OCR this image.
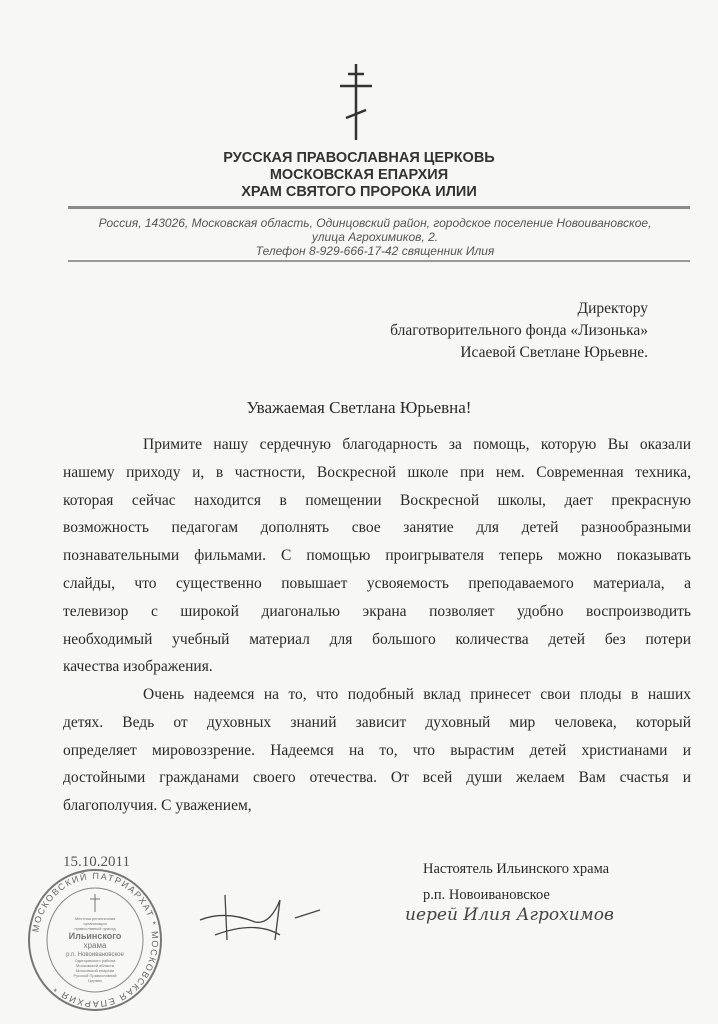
РУССКАЯ ПРАВОСЛАВНАЯ ЦЕРКОВЬ
МОСКОВСКАЯ ЕПАРХИЯ
ХРАМ СВЯТОГО ПРОРОКА ИЛИИ
Россия, 143026, Московская область, Одинцовский район, городское поселение Новоивановское,
улица Агрохимиков, 2.
Телефон 8-929-666-17-42 священник Илия
Директору
благотворительного фонда «Лизонька»
Исаевой Светлане Юрьевне.
Уважаемая Светлана Юрьевна!
Примите нашу сердечную благодарность за помощь, которую Вы оказали
нашему приходу и, в частности, Воскресной школе при нем. Современная техника,
которая сейчас находится в помещении Воскресной школы, дает прекрасную
возможность педагогам дополнять свое занятие для детей разнообразными
познавательными фильмами. С помощью проигрывателя теперь можно показывать
слайды, что существенно повышает усвояемость преподаваемого материала, а
телевизор с широкой диагональю экрана позволяет удобно воспроизводить
необходимый учебный материал для большого количества детей без потери
качества изображения.
Очень надеемся на то, что подобный вклад принесет свои плоды в наших
детях. Ведь от духовных знаний зависит духовный мир человека, который
определяет мировоззрение. Надеемся на то, что вырастим детей христианами и
достойными гражданами своего отечества. От всей души желаем Вам счастья и
благополучия. С уважением,
15.10.2011	Настоятель Ильинского храма
р.п. Новоивановское
иерей Илия Агрохимов
МОСКОВСКИЙ ПАТРИАРХАТ * МОСКОВСКАЯ ЕПАРХИЯ *
Местная религиозная
организация
православный приход
Ильинского
храма
р.п. Новоивановское
Одинцовского района
Московской области
Московской епархии
Русской Православной
Церкви
